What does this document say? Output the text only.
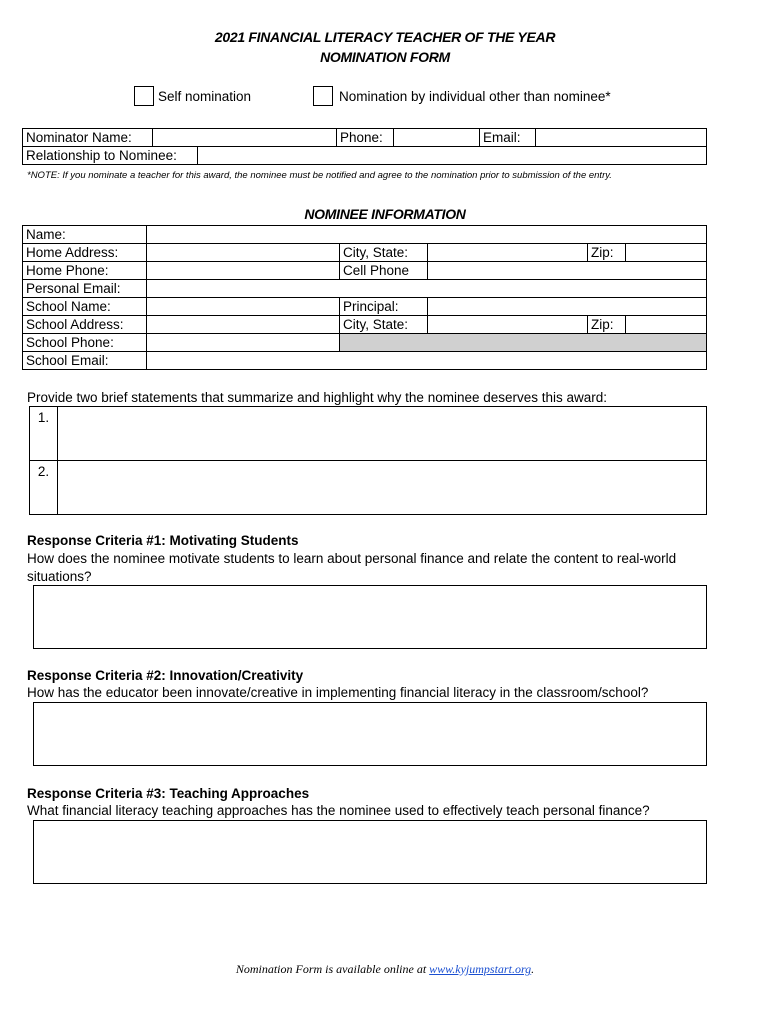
2021 FINANCIAL LITERACY TEACHER OF THE YEAR
NOMINATION FORM
Self nomination	Nomination by individual other than nominee*
Nominator Name:		Phone:		Email:	
Relationship to Nominee:	
*NOTE: If you nominate a teacher for this award, the nominee must be notified and agree to the nomination prior to submission of the entry.
NOMINEE INFORMATION
Name:					
Home Address:		City, State:		Zip:	
Home Phone:		Cell Phone			
Personal Email:					
School Name:		Principal:			
School Address:		City, State:		Zip:	
School Phone:					
School Email:					
Provide two brief statements that summarize and highlight why the nominee deserves this award:
1.	
2.	
Response Criteria #1: Motivating Students
How does the nominee motivate students to learn about personal finance and relate the content to real-world situations?
Response Criteria #2: Innovation/Creativity
How has the educator been innovate/creative in implementing financial literacy in the classroom/school?
Response Criteria #3: Teaching Approaches
What financial literacy teaching approaches has the nominee used to effectively teach personal finance?
Nomination Form is available online at www.kyjumpstart.org.
